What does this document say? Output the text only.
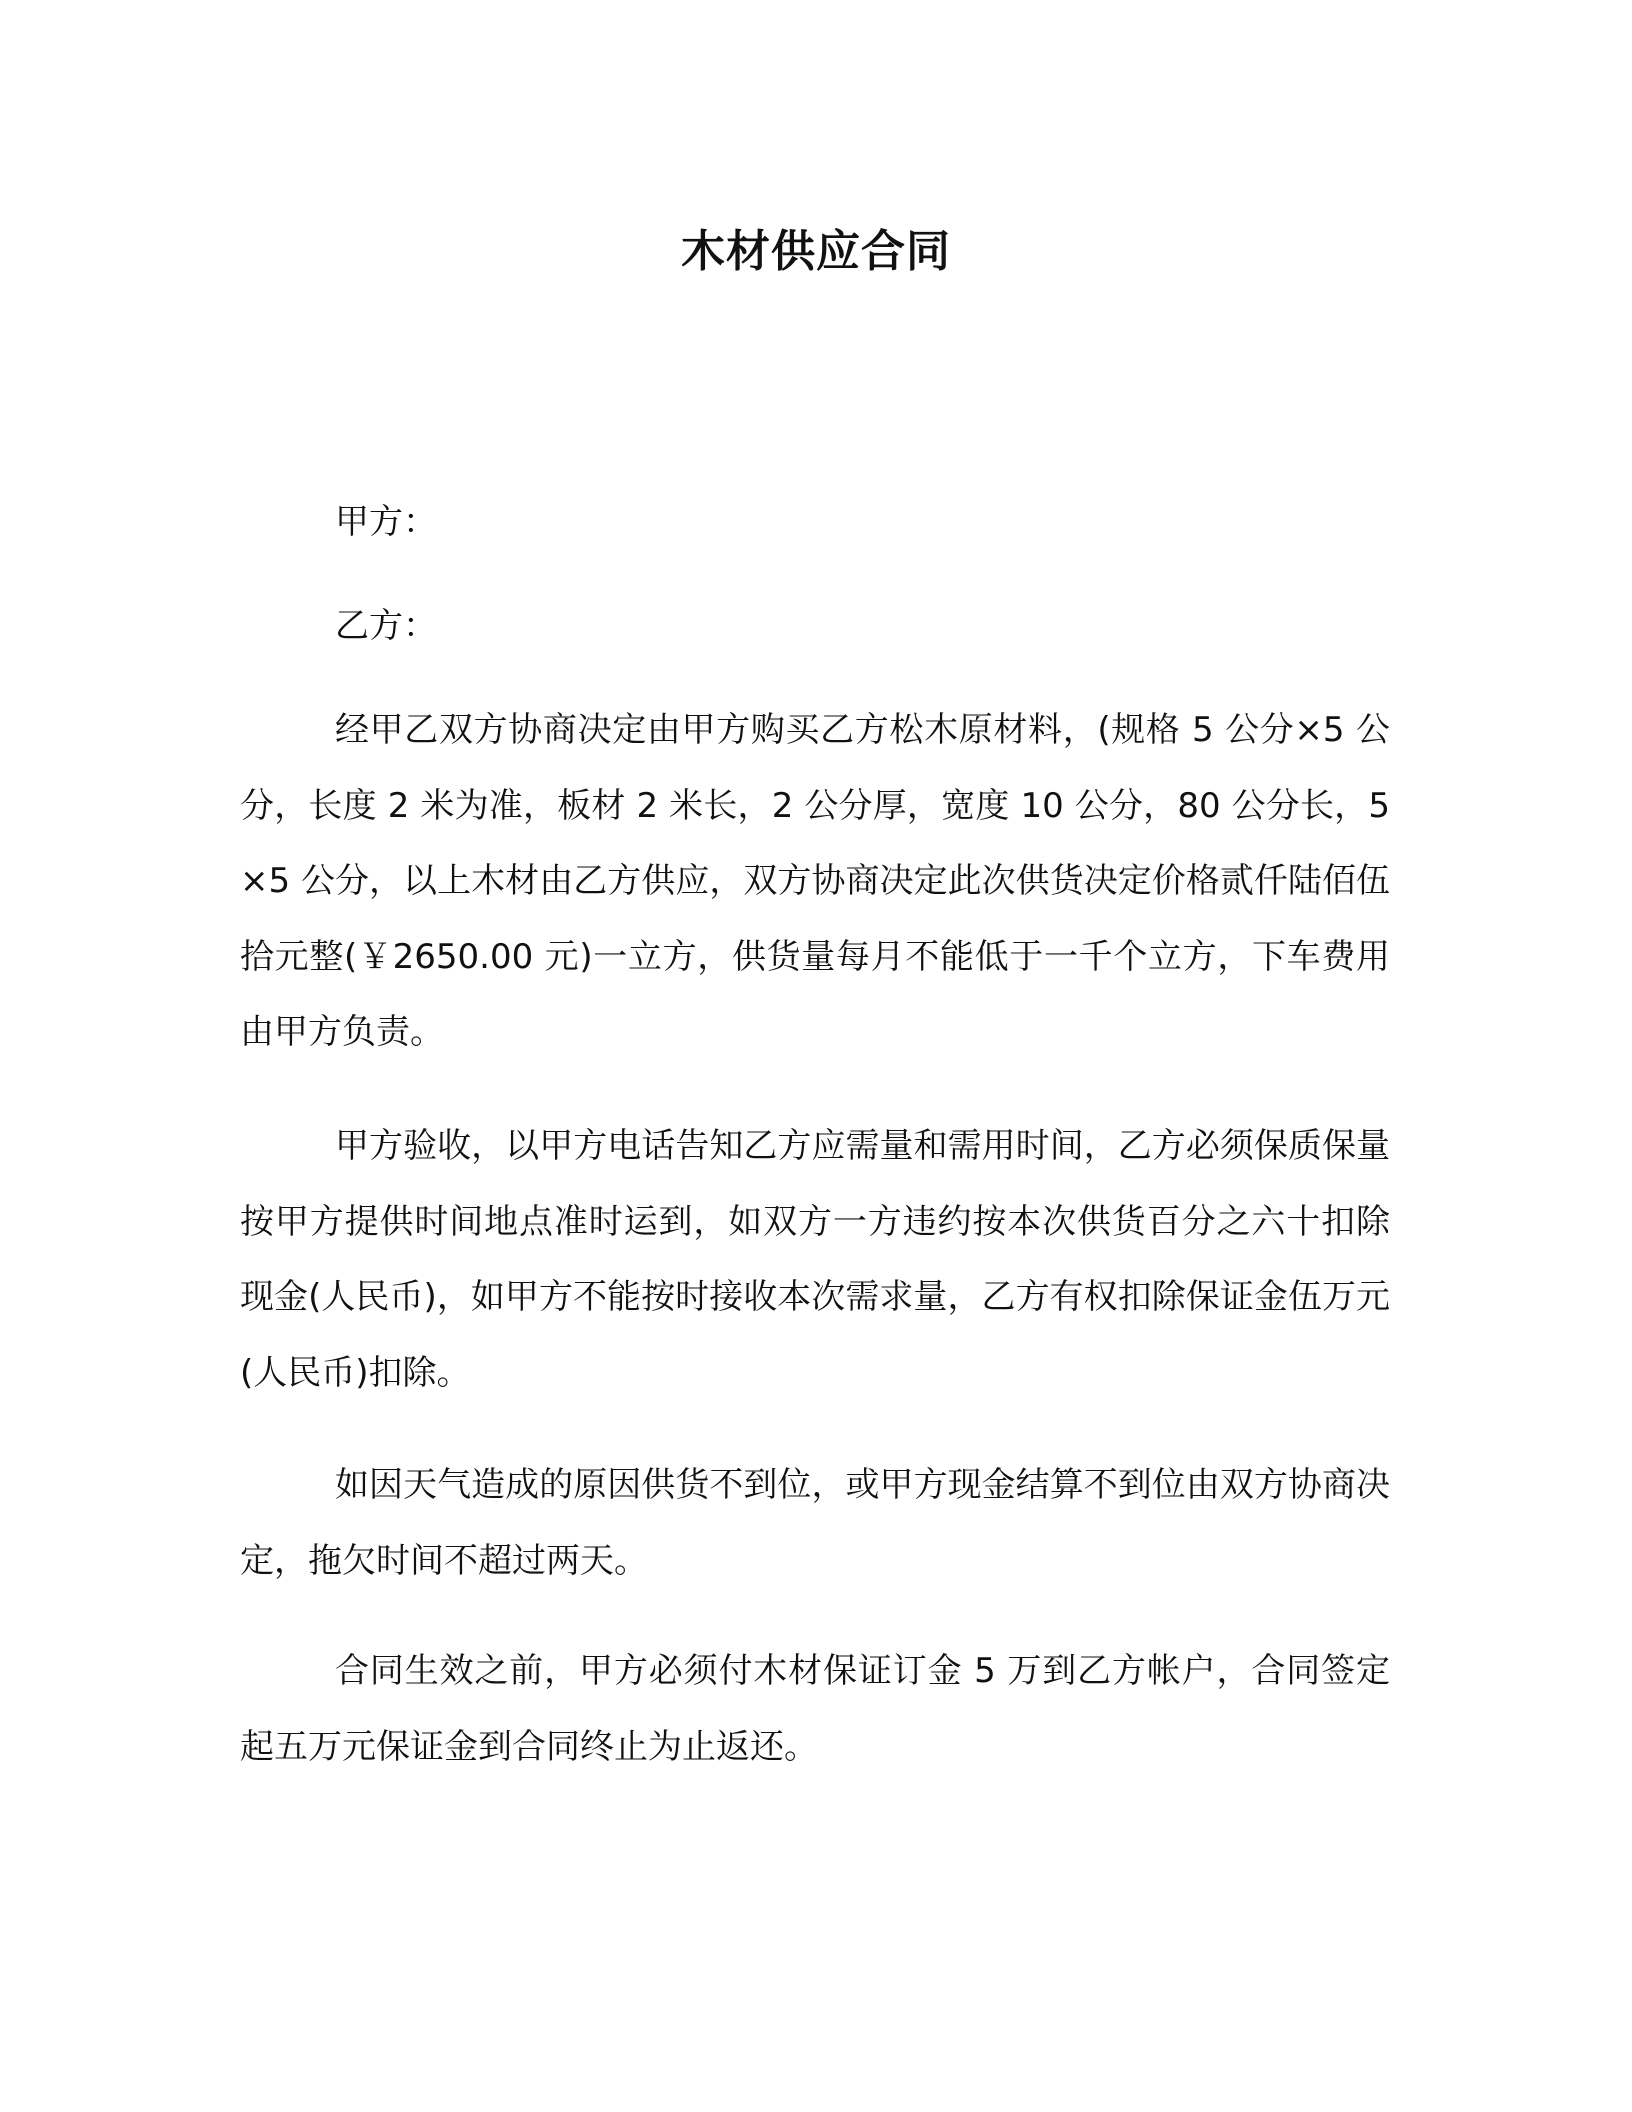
木材供应合同

甲方：

乙方：

经甲乙双方协商决定由甲方购买乙方松木原材料，(规格 5 公分×5 公分，长度 2 米为准，板材 2 米长，2 公分厚，宽度 10 公分，80 公分长，5×5 公分，以上木材由乙方供应，双方协商决定此次供货决定价格贰仟陆佰伍拾元整(￥2650.00 元)一立方，供货量每月不能低于一千个立方，下车费用由甲方负责。

甲方验收，以甲方电话告知乙方应需量和需用时间，乙方必须保质保量按甲方提供时间地点准时运到，如双方一方违约按本次供货百分之六十扣除现金(人民币)，如甲方不能按时接收本次需求量，乙方有权扣除保证金伍万元(人民币)扣除。

如因天气造成的原因供货不到位，或甲方现金结算不到位由双方协商决定，拖欠时间不超过两天。

合同生效之前，甲方必须付木材保证订金 5 万到乙方帐户，合同签定起五万元保证金到合同终止为止返还。
